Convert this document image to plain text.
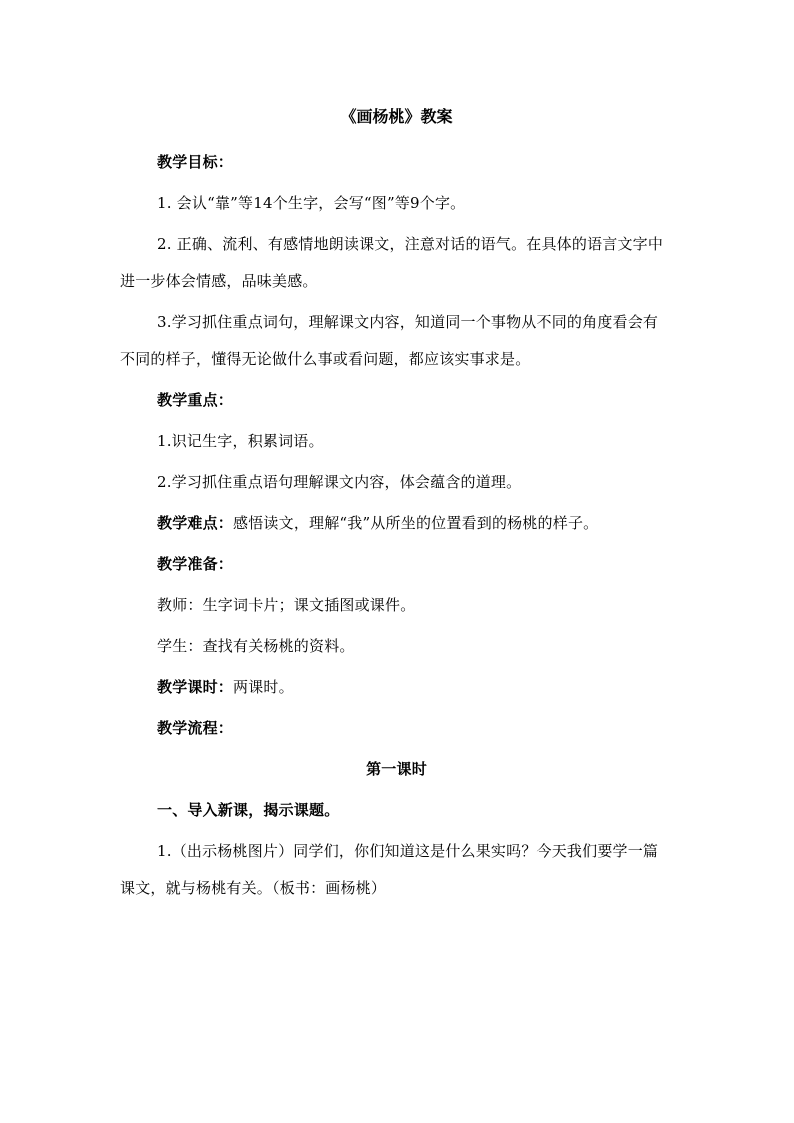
《画杨桃》教案
教学目标：
1. 会认“靠”等14个生字，会写“图”等9个字。
2. 正确、流利、有感情地朗读课文，注意对话的语气。在具体的语言文字中进一步体会情感，品味美感。
3.学习抓住重点词句，理解课文内容，知道同一个事物从不同的角度看会有不同的样子，懂得无论做什么事或看问题，都应该实事求是。
教学重点：
1.识记生字，积累词语。
2.学习抓住重点语句理解课文内容，体会蕴含的道理。
教学难点：感悟读文，理解“我”从所坐的位置看到的杨桃的样子。
教学准备：
教师：生字词卡片；课文插图或课件。
学生：查找有关杨桃的资料。
教学课时：两课时。
教学流程：
第一课时
一、导入新课，揭示课题。
1.（出示杨桃图片）同学们，你们知道这是什么果实吗？今天我们要学一篇课文，就与杨桃有关。（板书：画杨桃）
